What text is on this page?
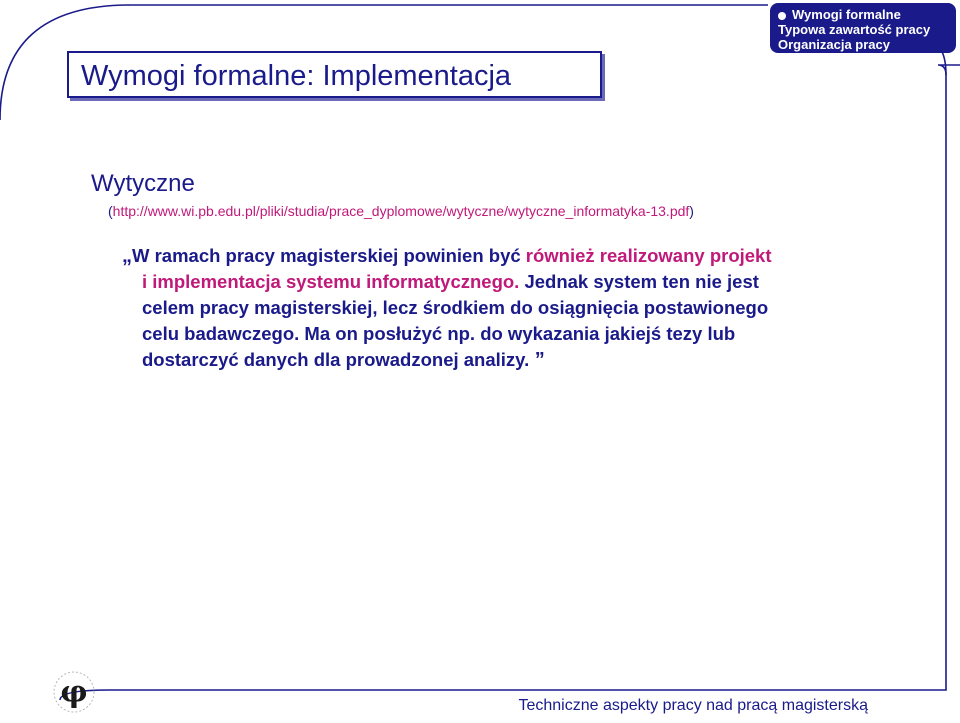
Wymogi formalne
Typowa zawartość pracy
Organizacja pracy
Wymogi formalne: Implementacja
Wytyczne
(http://www.wi.pb.edu.pl/pliki/studia/prace_dyplomowe/wytyczne/wytyczne_informatyka-13.pdf)
„W ramach pracy magisterskiej powinien być również realizowany projekt
i implementacja systemu informatycznego. Jednak system ten nie jest
celem pracy magisterskiej, lecz środkiem do osiągnięcia postawionego
celu badawczego. Ma on posłużyć np. do wykazania jakiejś tezy lub
dostarczyć danych dla prowadzonej analizy. ”
φ	Techniczne aspekty pracy nad pracą magisterską
